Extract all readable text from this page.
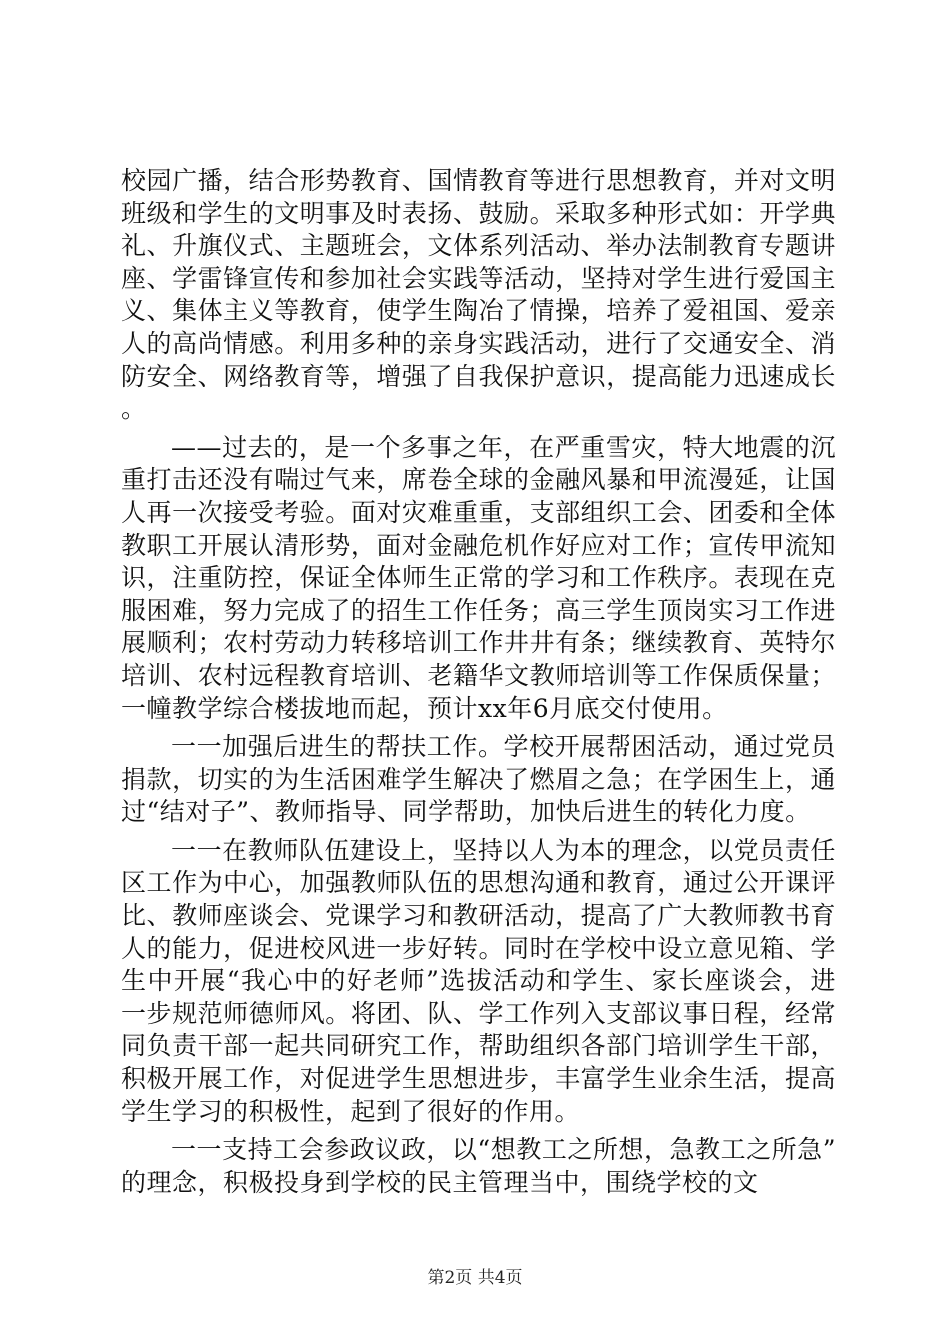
校园广播，结合形势教育、国情教育等进行思想教育，并对文明班级和学生的文明事及时表扬、鼓励。采取多种形式如：开学典礼、升旗仪式、主题班会，文体系列活动、举办法制教育专题讲座、学雷锋宣传和参加社会实践等活动，坚持对学生进行爱国主义、集体主义等教育，使学生陶冶了情操，培养了爱祖国、爱亲人的高尚情感。利用多种的亲身实践活动，进行了交通安全、消防安全、网络教育等，增强了自我保护意识，提高能力迅速成长。

——过去的，是一个多事之年，在严重雪灾，特大地震的沉重打击还没有喘过气来，席卷全球的金融风暴和甲流漫延，让国人再一次接受考验。面对灾难重重，支部组织工会、团委和全体教职工开展认清形势，面对金融危机作好应对工作；宣传甲流知识，注重防控，保证全体师生正常的学习和工作秩序。表现在克服困难，努力完成了的招生工作任务；高三学生顶岗实习工作进展顺利；农村劳动力转移培训工作井井有条；继续教育、英特尔培训、农村远程教育培训、老籍华文教师培训等工作保质保量；一幢教学综合楼拔地而起，预计xx年6月底交付使用。

一一加强后进生的帮扶工作。学校开展帮困活动，通过党员捐款，切实的为生活困难学生解决了燃眉之急；在学困生上，通过“结对子”、教师指导、同学帮助，加快后进生的转化力度。

一一在教师队伍建设上，坚持以人为本的理念，以党员责任区工作为中心，加强教师队伍的思想沟通和教育，通过公开课评比、教师座谈会、党课学习和教研活动，提高了广大教师教书育人的能力，促进校风进一步好转。同时在学校中设立意见箱、学生中开展“我心中的好老师”选拔活动和学生、家长座谈会，进一步规范师德师风。将团、队、学工作列入支部议事日程，经常同负责干部一起共同研究工作，帮助组织各部门培训学生干部，积极开展工作，对促进学生思想进步，丰富学生业余生活，提高学生学习的积极性，起到了很好的作用。

一一支持工会参政议政，以“想教工之所想，急教工之所急”的理念，积极投身到学校的民主管理当中，围绕学校的文

第2页 共4页
